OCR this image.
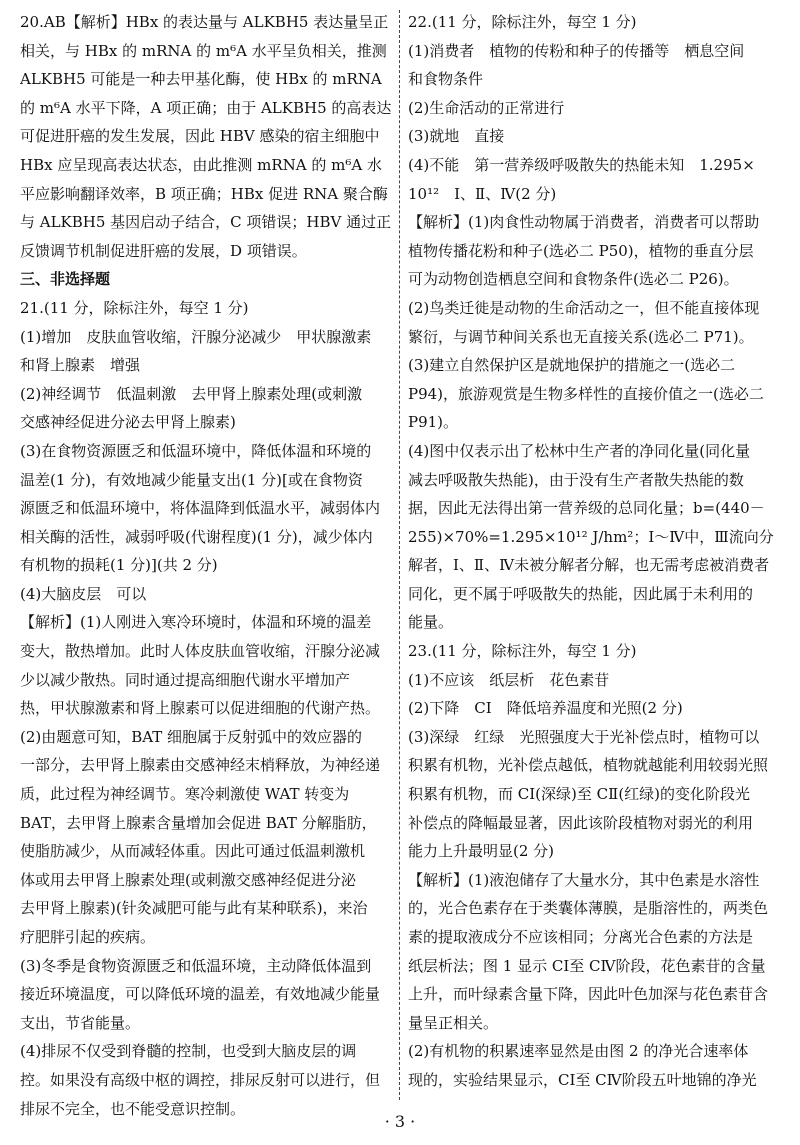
20.AB【解析】HBx 的表达量与 ALKBH5 表达量呈正
相关，与 HBx 的 mRNA 的 m⁶A 水平呈负相关，推测
ALKBH5 可能是一种去甲基化酶，使 HBx 的 mRNA
的 m⁶A 水平下降，A 项正确；由于 ALKBH5 的高表达
可促进肝癌的发生发展，因此 HBV 感染的宿主细胞中
HBx 应呈现高表达状态，由此推测 mRNA 的 m⁶A 水
平应影响翻译效率，B 项正确；HBx 促进 RNA 聚合酶
与 ALKBH5 基因启动子结合，C 项错误；HBV 通过正
反馈调节机制促进肝癌的发展，D 项错误。
三、非选择题
21.(11 分，除标注外，每空 1 分)
(1)增加　皮肤血管收缩，汗腺分泌减少　甲状腺激素
和肾上腺素　增强
(2)神经调节　低温刺激　去甲肾上腺素处理(或刺激
交感神经促进分泌去甲肾上腺素)
(3)在食物资源匮乏和低温环境中，降低体温和环境的
温差(1 分)，有效地减少能量支出(1 分)[或在食物资
源匮乏和低温环境中，将体温降到低温水平，减弱体内
相关酶的活性，减弱呼吸(代谢程度)(1 分)，减少体内
有机物的损耗(1 分)](共 2 分)
(4)大脑皮层　可以
【解析】(1)人刚进入寒冷环境时，体温和环境的温差
变大，散热增加。此时人体皮肤血管收缩，汗腺分泌减
少以减少散热。同时通过提高细胞代谢水平增加产
热，甲状腺激素和肾上腺素可以促进细胞的代谢产热。
(2)由题意可知，BAT 细胞属于反射弧中的效应器的
一部分，去甲肾上腺素由交感神经末梢释放，为神经递
质，此过程为神经调节。寒冷刺激使 WAT 转变为
BAT，去甲肾上腺素含量增加会促进 BAT 分解脂肪，
使脂肪减少，从而减轻体重。因此可通过低温刺激机
体或用去甲肾上腺素处理(或刺激交感神经促进分泌
去甲肾上腺素)(针灸减肥可能与此有某种联系)，来治
疗肥胖引起的疾病。
(3)冬季是食物资源匮乏和低温环境，主动降低体温到
接近环境温度，可以降低环境的温差，有效地减少能量
支出，节省能量。
(4)排尿不仅受到脊髓的控制，也受到大脑皮层的调
控。如果没有高级中枢的调控，排尿反射可以进行，但
排尿不完全，也不能受意识控制。
22.(11 分，除标注外，每空 1 分)
(1)消费者　植物的传粉和种子的传播等　栖息空间
和食物条件
(2)生命活动的正常进行
(3)就地　直接
(4)不能　第一营养级呼吸散失的热能未知　1.295×
10¹²　Ⅰ、Ⅱ、Ⅳ(2 分)
【解析】(1)肉食性动物属于消费者，消费者可以帮助
植物传播花粉和种子(选必二 P50)，植物的垂直分层
可为动物创造栖息空间和食物条件(选必二 P26)。
(2)鸟类迁徙是动物的生命活动之一，但不能直接体现
繁衍，与调节种间关系也无直接关系(选必二 P71)。
(3)建立自然保护区是就地保护的措施之一(选必二
P94)，旅游观赏是生物多样性的直接价值之一(选必二
P91)。
(4)图中仅表示出了松林中生产者的净同化量(同化量
减去呼吸散失热能)，由于没有生产者散失热能的数
据，因此无法得出第一营养级的总同化量；b=(440－
255)×70%=1.295×10¹² J/hm²；Ⅰ～Ⅳ中，Ⅲ流向分
解者，Ⅰ、Ⅱ、Ⅳ未被分解者分解，也无需考虑被消费者
同化，更不属于呼吸散失的热能，因此属于未利用的
能量。
23.(11 分，除标注外，每空 1 分)
(1)不应该　纸层析　花色素苷
(2)下降　CⅠ　降低培养温度和光照(2 分)
(3)深绿　红绿　光照强度大于光补偿点时，植物可以
积累有机物，光补偿点越低，植物就越能利用较弱光照
积累有机物，而 CⅠ(深绿)至 CⅡ(红绿)的变化阶段光
补偿点的降幅最显著，因此该阶段植物对弱光的利用
能力上升最明显(2 分)
【解析】(1)液泡储存了大量水分，其中色素是水溶性
的，光合色素存在于类囊体薄膜，是脂溶性的，两类色
素的提取液成分不应该相同；分离光合色素的方法是
纸层析法；图 1 显示 CⅠ至 CⅣ阶段，花色素苷的含量
上升，而叶绿素含量下降，因此叶色加深与花色素苷含
量呈正相关。
(2)有机物的积累速率显然是由图 2 的净光合速率体
现的，实验结果显示，CⅠ至 CⅣ阶段五叶地锦的净光
· 3 ·
